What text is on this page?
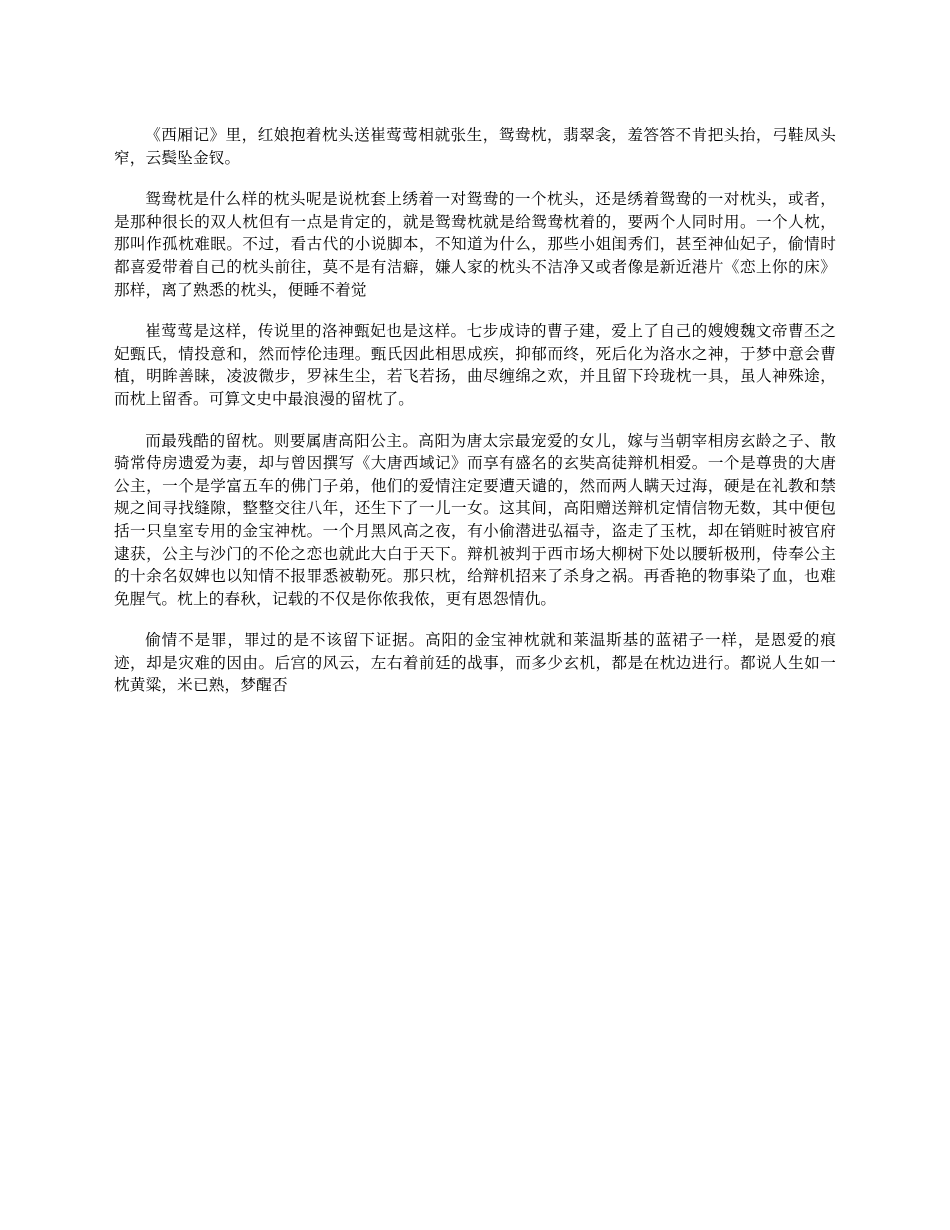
《西厢记》里，红娘抱着枕头送崔莺莺相就张生，鸳鸯枕，翡翠衾，羞答答不肯把头抬，弓鞋凤头窄，云鬓坠金钗。

鸳鸯枕是什么样的枕头呢是说枕套上绣着一对鸳鸯的一个枕头，还是绣着鸳鸯的一对枕头，或者，是那种很长的双人枕但有一点是肯定的，就是鸳鸯枕就是给鸳鸯枕着的，要两个人同时用。一个人枕，那叫作孤枕难眠。不过，看古代的小说脚本，不知道为什么，那些小姐闺秀们，甚至神仙妃子，偷情时都喜爱带着自己的枕头前往，莫不是有洁癖，嫌人家的枕头不洁净又或者像是新近港片《恋上你的床》那样，离了熟悉的枕头，便睡不着觉

崔莺莺是这样，传说里的洛神甄妃也是这样。七步成诗的曹子建，爱上了自己的嫂嫂魏文帝曹丕之妃甄氏，情投意和，然而悖伦违理。甄氏因此相思成疾，抑郁而终，死后化为洛水之神，于梦中意会曹植，明眸善睐，凌波微步，罗袜生尘，若飞若扬，曲尽缠绵之欢，并且留下玲珑枕一具，虽人神殊途，而枕上留香。可算文史中最浪漫的留枕了。

而最残酷的留枕。则要属唐高阳公主。高阳为唐太宗最宠爱的女儿，嫁与当朝宰相房玄龄之子、散骑常侍房遗爱为妻，却与曾因撰写《大唐西域记》而享有盛名的玄奘高徒辩机相爱。一个是尊贵的大唐公主，一个是学富五车的佛门子弟，他们的爱情注定要遭天谴的，然而两人瞒天过海，硬是在礼教和禁规之间寻找缝隙，整整交往八年，还生下了一儿一女。这其间，高阳赠送辩机定情信物无数，其中便包括一只皇室专用的金宝神枕。一个月黑风高之夜，有小偷潜进弘福寺，盗走了玉枕，却在销赃时被官府逮获，公主与沙门的不伦之恋也就此大白于天下。辩机被判于西市场大柳树下处以腰斩极刑，侍奉公主的十余名奴婢也以知情不报罪悉被勒死。那只枕，给辩机招来了杀身之祸。再香艳的物事染了血，也难免腥气。枕上的春秋，记载的不仅是你侬我侬，更有恩怨情仇。

偷情不是罪，罪过的是不该留下证据。高阳的金宝神枕就和莱温斯基的蓝裙子一样，是恩爱的痕迹，却是灾难的因由。后宫的风云，左右着前廷的战事，而多少玄机，都是在枕边进行。都说人生如一枕黄粱，米已熟，梦醒否
